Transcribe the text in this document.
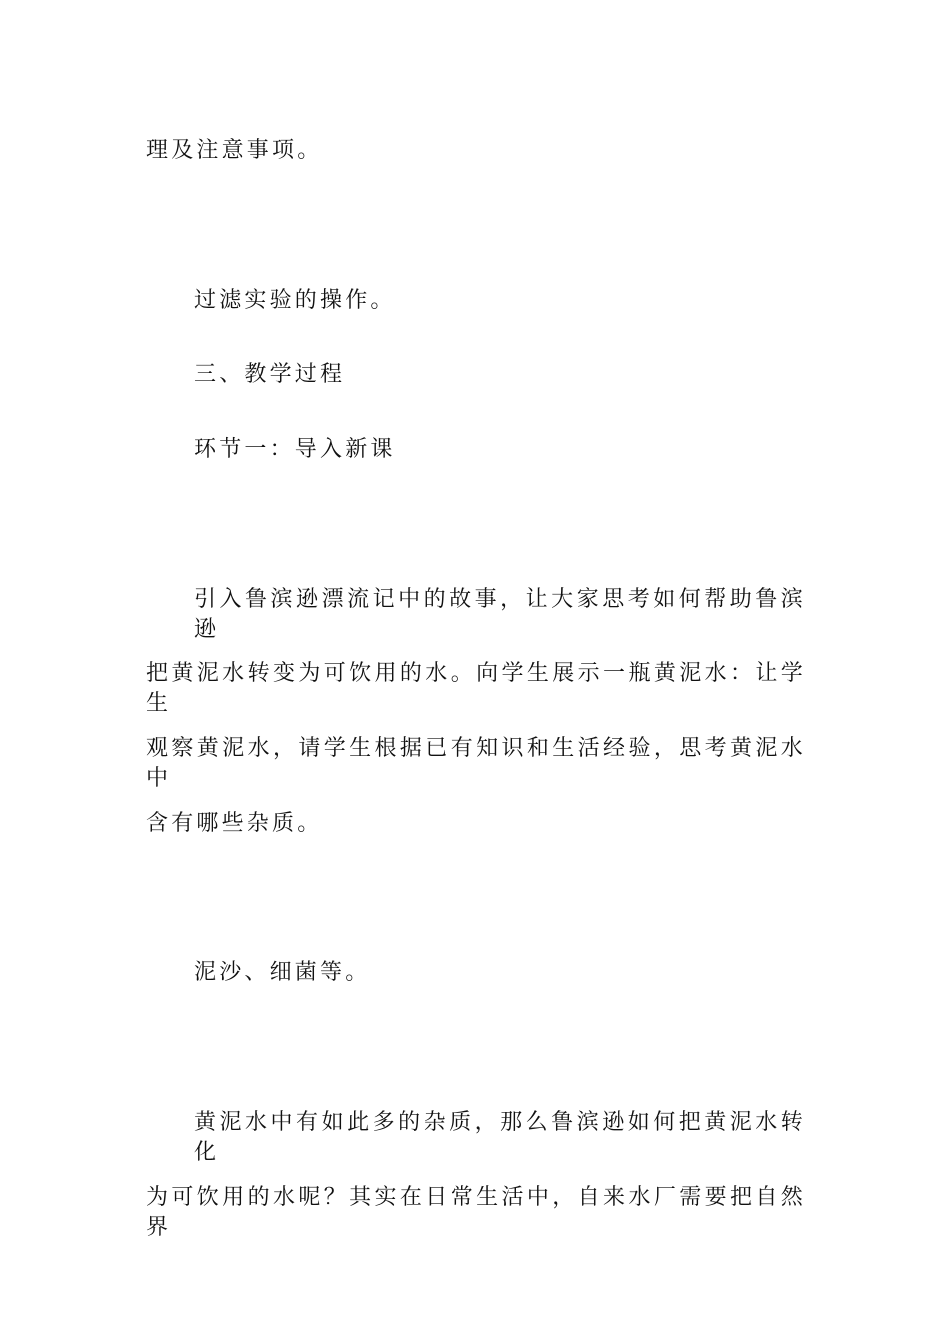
理及注意事项。
过滤实验的操作。
三、教学过程
环节一：导入新课
引入鲁滨逊漂流记中的故事，让大家思考如何帮助鲁滨逊
把黄泥水转变为可饮用的水。向学生展示一瓶黄泥水：让学生
观察黄泥水，请学生根据已有知识和生活经验，思考黄泥水中
含有哪些杂质。
泥沙、细菌等。
黄泥水中有如此多的杂质，那么鲁滨逊如何把黄泥水转化
为可饮用的水呢？其实在日常生活中，自来水厂需要把自然界
